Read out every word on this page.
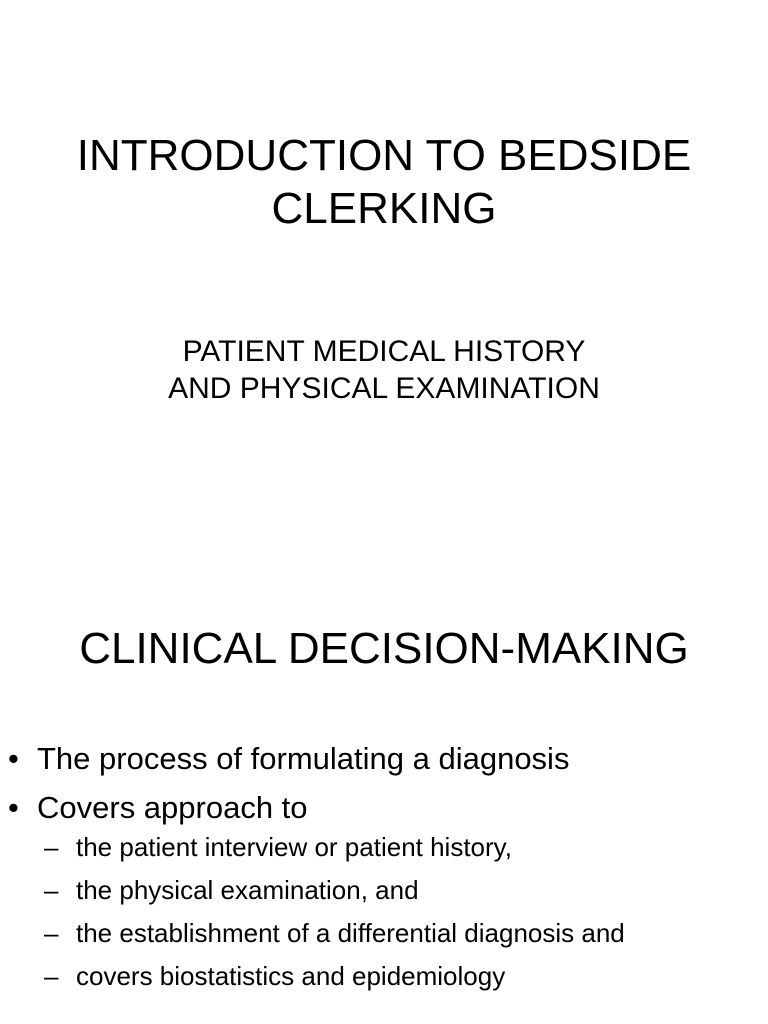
INTRODUCTION TO BEDSIDE
CLERKING
PATIENT MEDICAL HISTORY
AND PHYSICAL EXAMINATION
CLINICAL DECISION-MAKING
• The process of formulating a diagnosis
• Covers approach to
– the patient interview or patient history,
– the physical examination, and
– the establishment of a differential diagnosis and
– covers biostatistics and epidemiology
